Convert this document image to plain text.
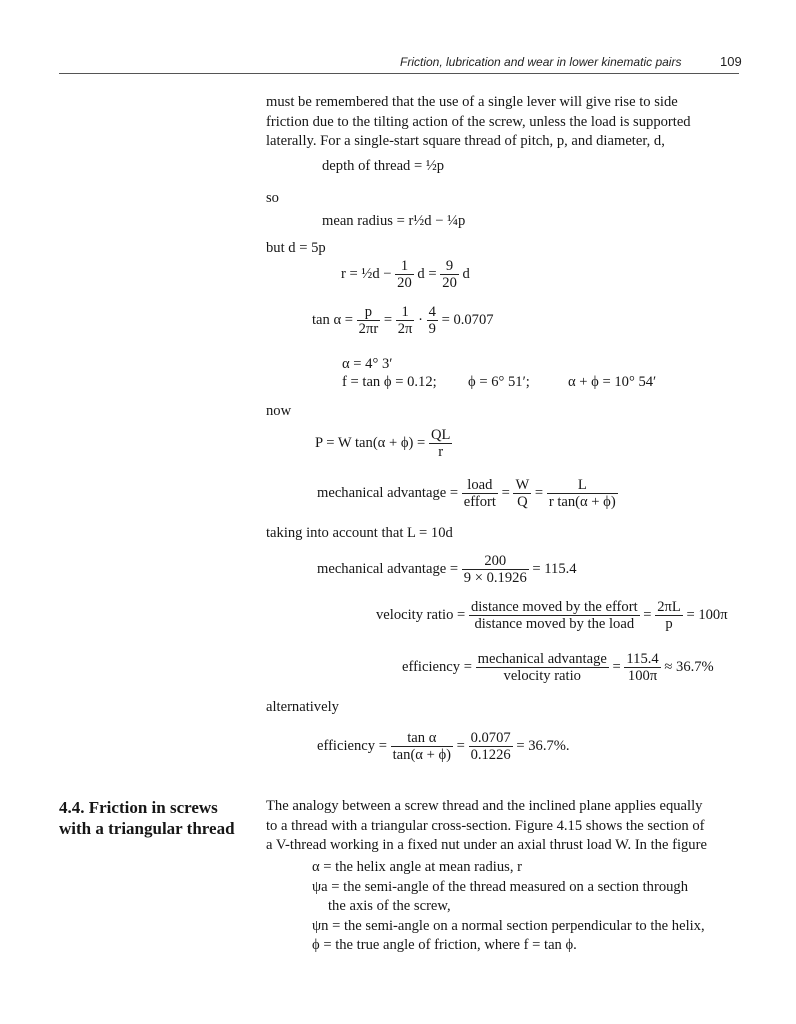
Friction, lubrication and wear in lower kinematic pairs	109
must be remembered that the use of a single lever will give rise to side
friction due to the tilting action of the screw, unless the load is supported
laterally. For a single-start square thread of pitch, p, and diameter, d,
depth of thread = ½p
so
mean radius = r½d − ¼p
but d = 5p
r = ½d − $\frac{1}{20}$ $d = \frac{9}{20}$ d
$\tan \alpha = \frac{p}{2\pi r} = \frac{1}{2\pi} \cdot \frac{4}{9} = 0.0707$
α = 4° 3′
f = tan ϕ = 0.12; ϕ = 6° 51′;	α + ϕ = 10° 54′
now
P = W $\tan(\alpha + \phi) = \frac{QL}{r}$
mechanical advantage = $\frac{\text{load}}{\text{effort}} = \frac{W}{Q} = \frac{L}{\text{r tan(α + ϕ)}}$
taking into account that L = 10d
mechanical advantage = $\frac{200}{9 \times 0.1926} = 115.4$
velocity ratio = $\frac{\text{distance moved by the effort}}{\text{distance moved by the load}} = \frac{2\pi L}{p} = 100\pi$
efficiency = $\frac{\text{mechanical advantage}}{\text{velocity ratio}} = \frac{115.4}{100\pi} \approx 36.7\%$
alternatively
efficiency = $\frac{\text{tan α}}{\tan(\alpha + \phi)} = \frac{0.0707}{0.1226} = 36.7\%$.
4.4. Friction in screws
with a triangular thread
The analogy between a screw thread and the inclined plane applies equally
to a thread with a triangular cross-section. Figure 4.15 shows the section of
a V-thread working in a fixed nut under an axial thrust load W. In the figure
α = the helix angle at mean radius, r
ψa = the semi-angle of the thread measured on a section through
the axis of the screw,
ψn = the semi-angle on a normal section perpendicular to the helix,
ϕ = the true angle of friction, where f = tan ϕ.
